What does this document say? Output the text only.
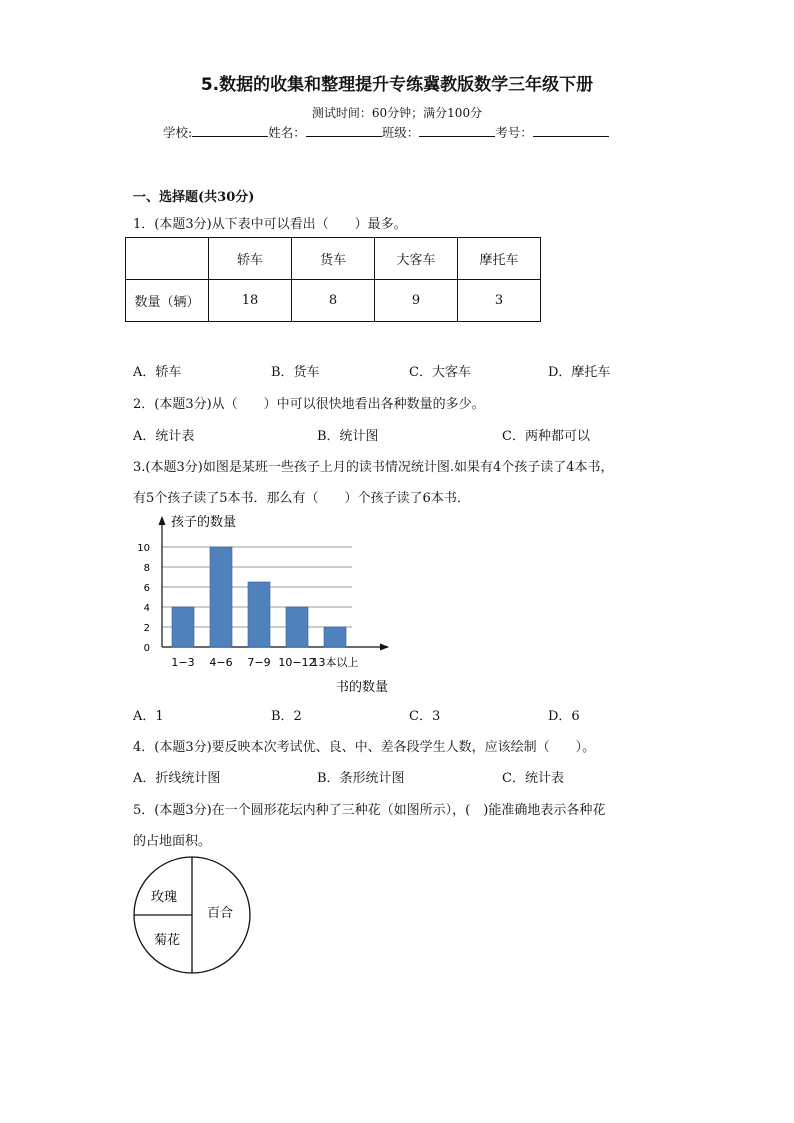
5.数据的收集和整理提升专练冀教版数学三年级下册
测试时间：60分钟；满分100分
学校:	姓名：	班级：	考号：
一、选择题(共30分)
1．(本题3分)从下表中可以看出（　　）最多。
	轿车	货车	大客车	摩托车
数量（辆）	18	8	9	3
A．轿车	B．货车	C．大客车	D．摩托车
2．(本题3分)从（　　）中可以很快地看出各种数量的多少。
A．统计表	B．统计图	C．两种都可以
3.(本题3分)如图是某班一些孩子上月的读书情况统计图.如果有4个孩子读了4本书，
有5个孩子读了5本书．那么有（　　）个孩子读了6本书．
0
2
4
6
8
10
1−3 4−6 7−9 10−12
13本以上
孩子的数量
书的数量
A．1	B．2	C．3	D．6
4．(本题3分)要反映本次考试优、良、中、差各段学生人数，应该绘制（　　）。
A．折线统计图	B．条形统计图	C．统计表
5．(本题3分)在一个圆形花坛内种了三种花（如图所示），(　)能准确地表示各种花
的占地面积。
玫瑰
百合
菊花
